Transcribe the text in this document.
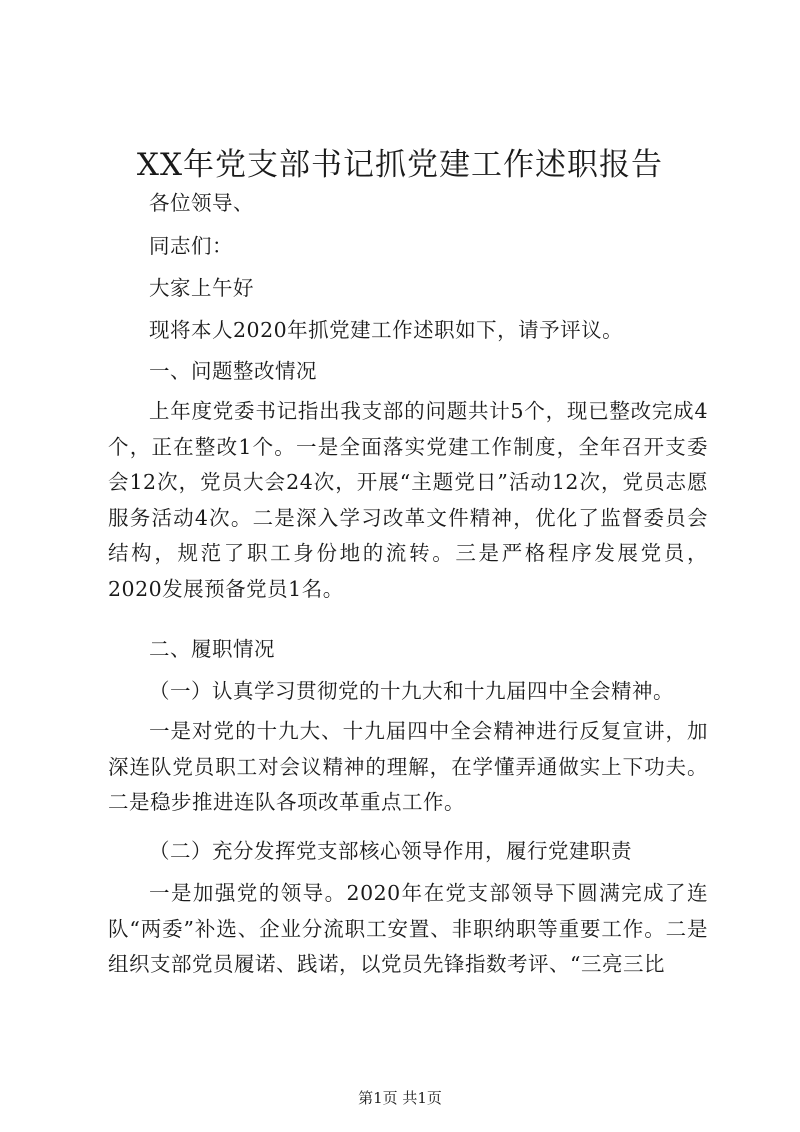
XX年党支部书记抓党建工作述职报告

各位领导、

同志们：

大家上午好

现将本人2020年抓党建工作述职如下，请予评议。

一、问题整改情况

上年度党委书记指出我支部的问题共计5个，现已整改完成4个，正在整改1个。一是全面落实党建工作制度，全年召开支委会12次，党员大会24次，开展“主题党日”活动12次，党员志愿服务活动4次。二是深入学习改革文件精神，优化了监督委员会结构，规范了职工身份地的流转。三是严格程序发展党员，2020发展预备党员1名。

二、履职情况

（一）认真学习贯彻党的十九大和十九届四中全会精神。

一是对党的十九大、十九届四中全会精神进行反复宣讲，加深连队党员职工对会议精神的理解，在学懂弄通做实上下功夫。二是稳步推进连队各项改革重点工作。

（二）充分发挥党支部核心领导作用，履行党建职责

一是加强党的领导。2020年在党支部领导下圆满完成了连队“两委”补选、企业分流职工安置、非职纳职等重要工作。二是组织支部党员履诺、践诺，以党员先锋指数考评、“三亮三比

第1页 共1页
